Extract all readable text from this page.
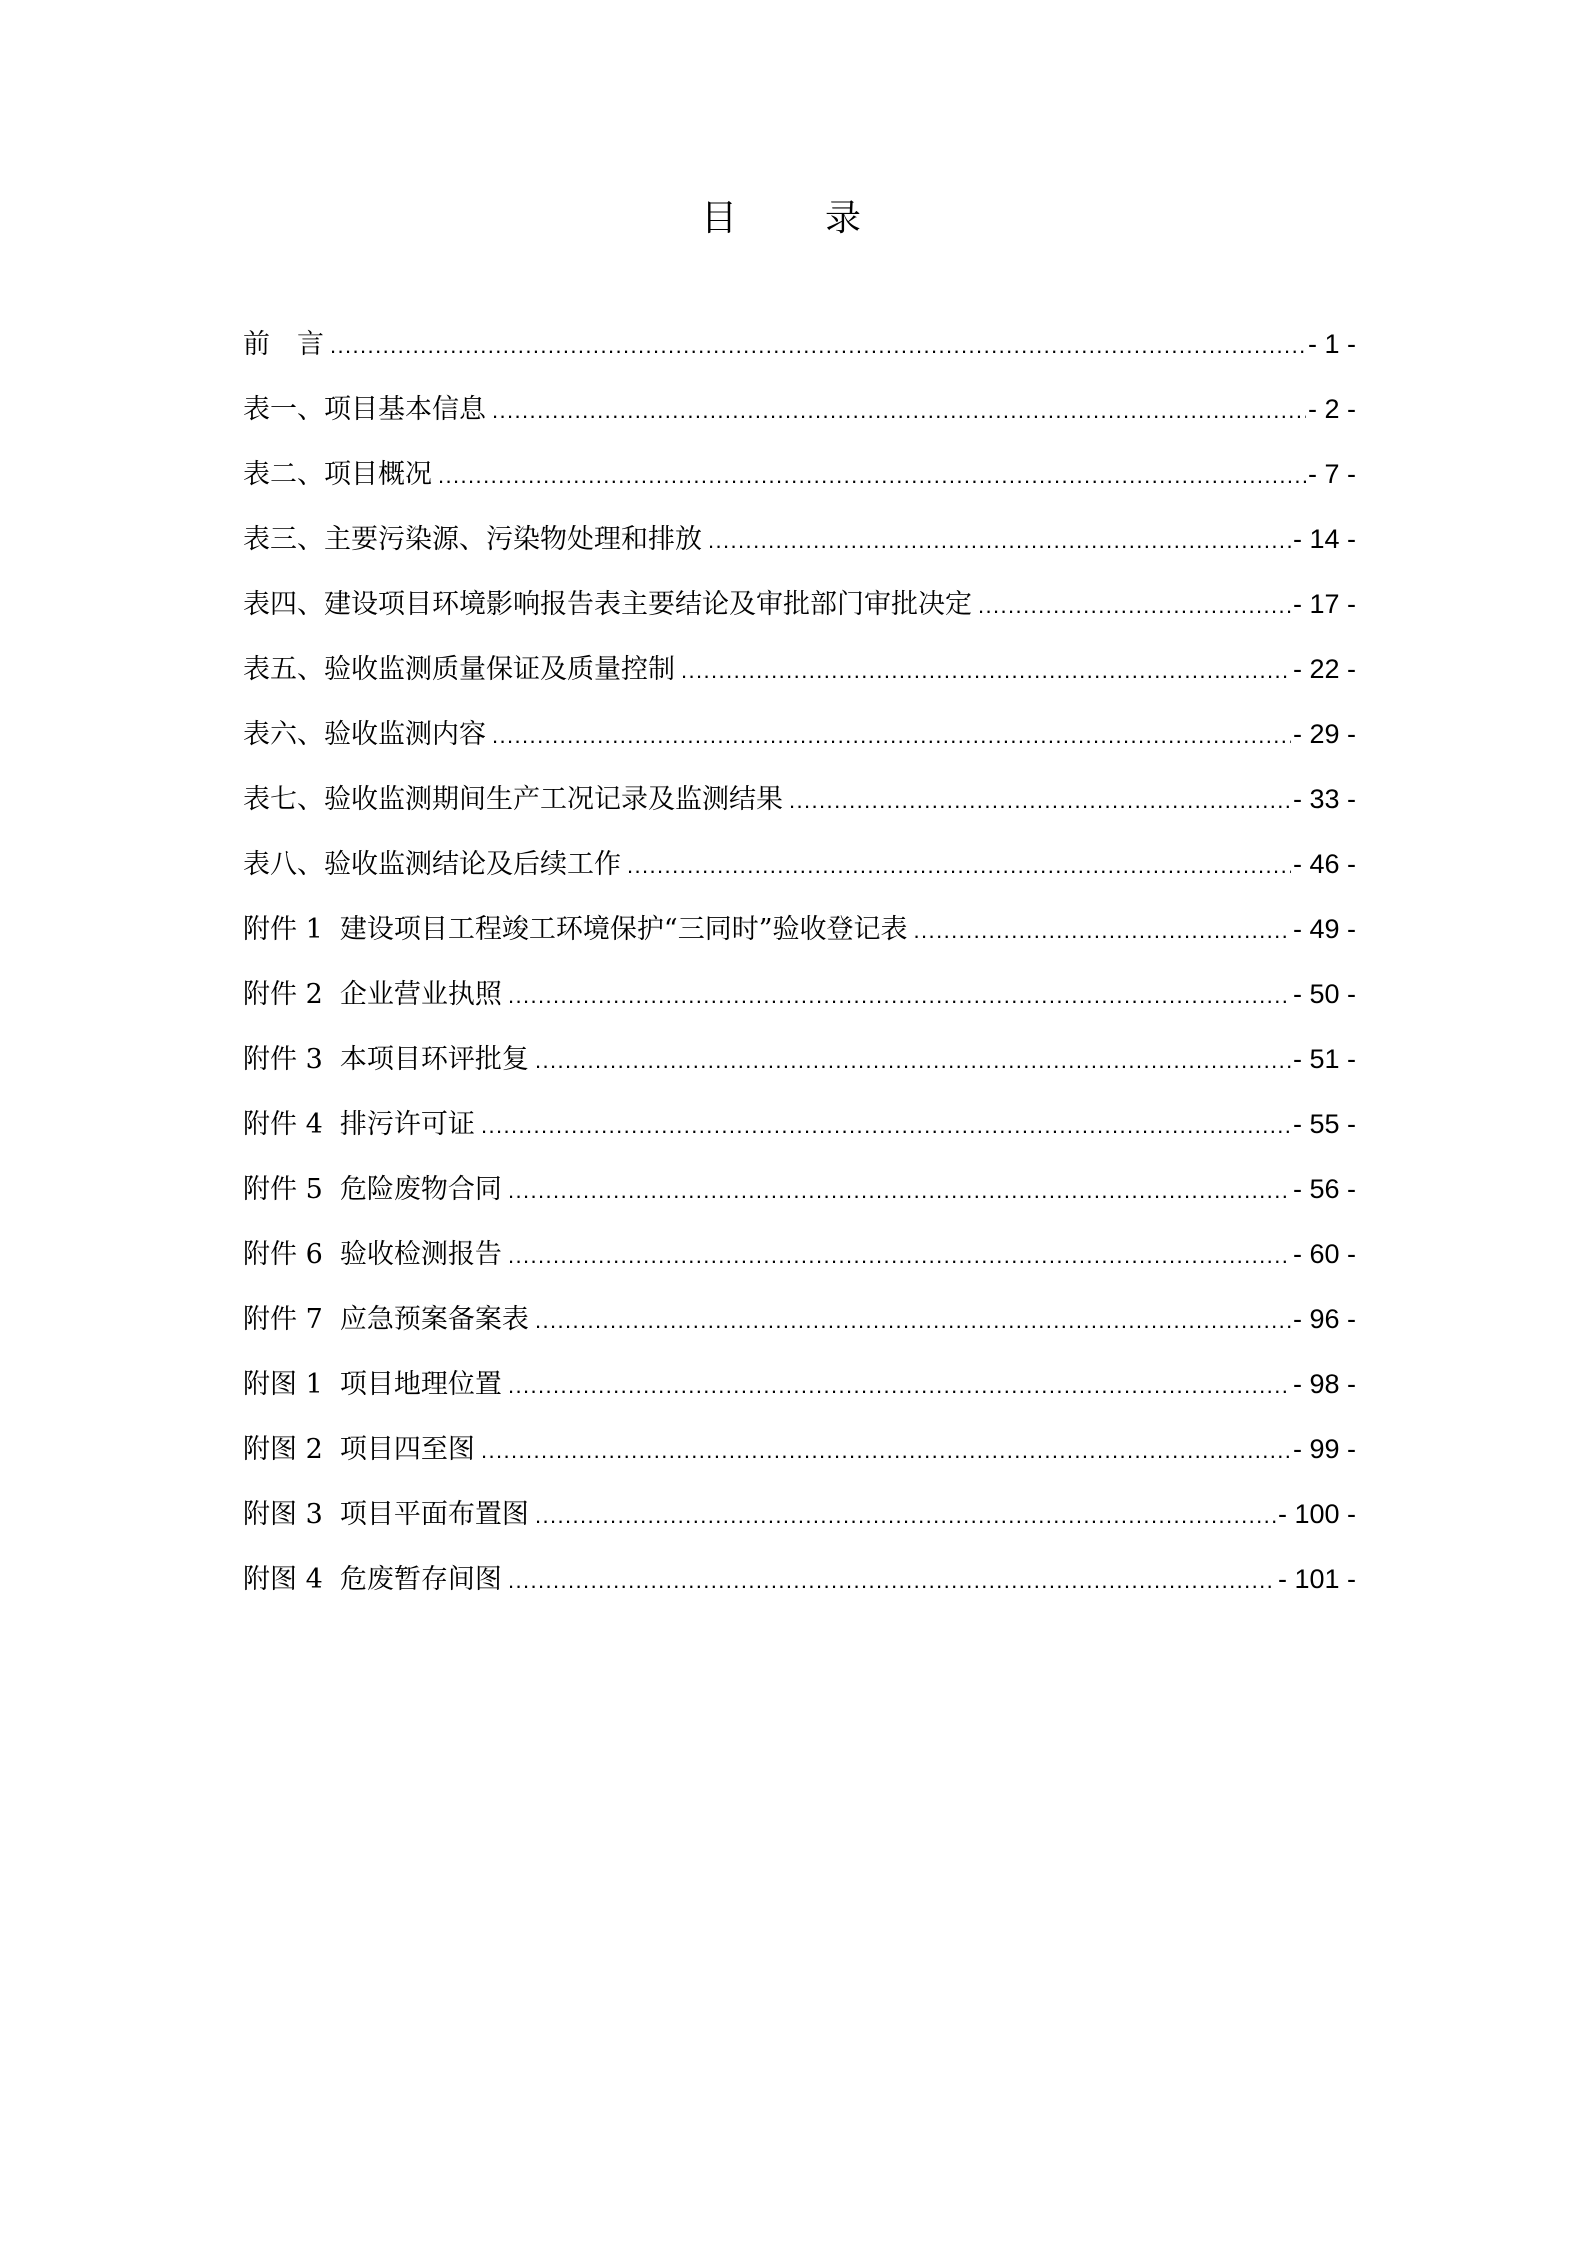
目　录
前　言 .....	- 1 -
表一、项目基本信息 .....	- 2 -
表二、项目概况 .....	- 7 -
表三、主要污染源、污染物处理和排放 .....	- 14 -
表四、建设项目环境影响报告表主要结论及审批部门审批决定 .....	- 17 -
表五、验收监测质量保证及质量控制 .....	- 22 -
表六、验收监测内容 .....	- 29 -
表七、验收监测期间生产工况记录及监测结果 .....	- 33 -
表八、验收监测结论及后续工作 .....	- 46 -
附件 1  建设项目工程竣工环境保护“三同时”验收登记表 .....	- 49 -
附件 2  企业营业执照 .....	- 50 -
附件 3  本项目环评批复 .....	- 51 -
附件 4  排污许可证 .....	- 55 -
附件 5  危险废物合同 .....	- 56 -
附件 6  验收检测报告 .....	- 60 -
附件 7  应急预案备案表 .....	- 96 -
附图 1  项目地理位置 .....	- 98 -
附图 2  项目四至图 .....	- 99 -
附图 3  项目平面布置图 .....	- 100 -
附图 4  危废暂存间图 .....	- 101 -
